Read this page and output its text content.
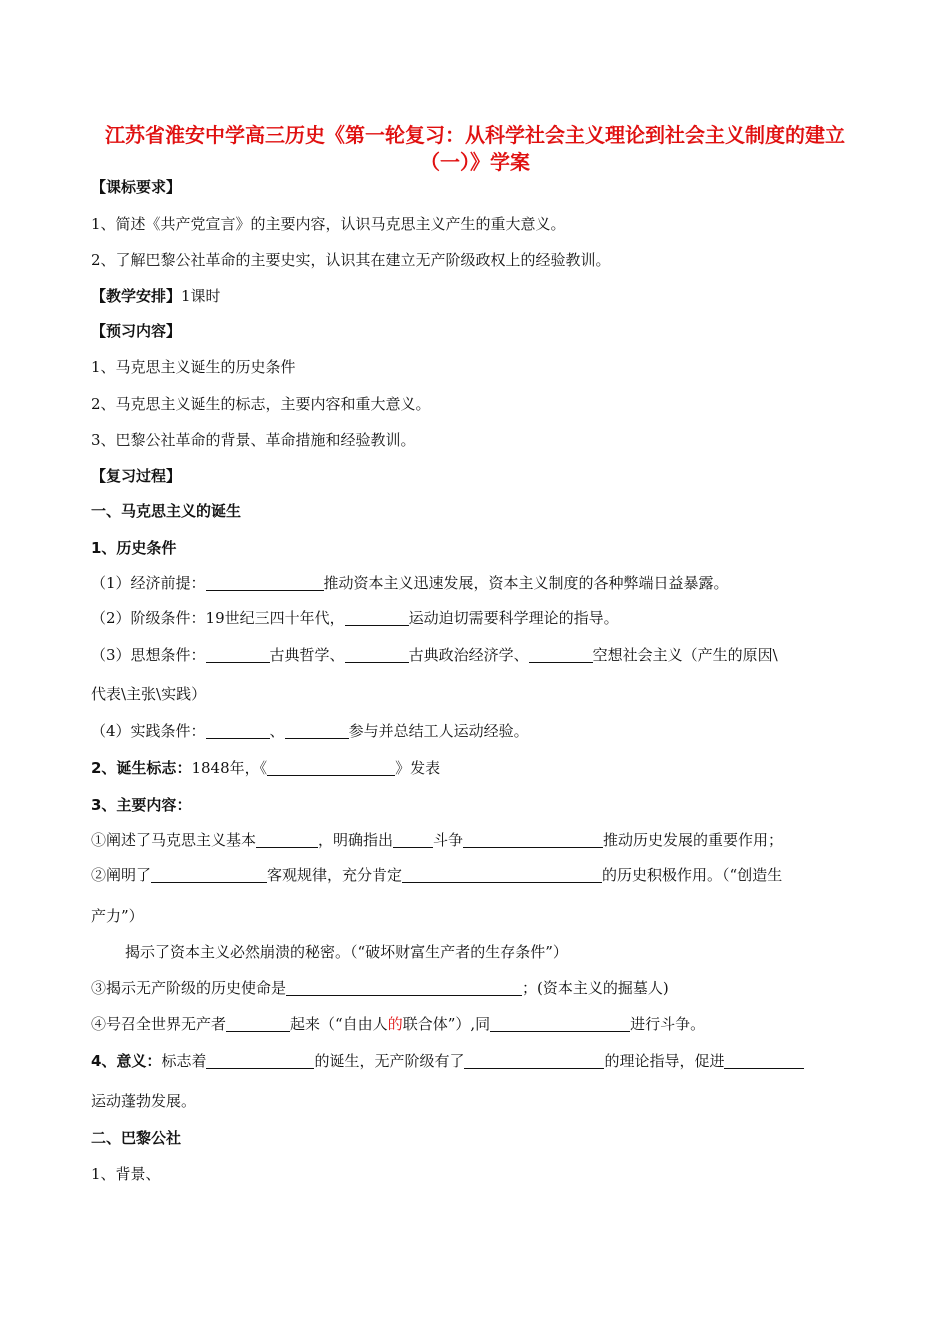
江苏省淮安中学高三历史《第一轮复习：从科学社会主义理论到社会主义制度的建立（一）》学案
【课标要求】
1、简述《共产党宣言》的主要内容，认识马克思主义产生的重大意义。
2、了解巴黎公社革命的主要史实，认识其在建立无产阶级政权上的经验教训。
【教学安排】1课时
【预习内容】
1、马克思主义诞生的历史条件
2、马克思主义诞生的标志，主要内容和重大意义。
3、巴黎公社革命的背景、革命措施和经验教训。
【复习过程】
一、马克思主义的诞生
1、历史条件
（1）经济前提：	推动资本主义迅速发展，资本主义制度的各种弊端日益暴露。
（2）阶级条件：19世纪三四十年代，	运动迫切需要科学理论的指导。
（3）思想条件：	古典哲学、	古典政治经济学、	空想社会主义（产生的原因\
代表\主张\实践）
（4）实践条件：	、	参与并总结工人运动经验。
2、诞生标志：1848年，《	》发表
3、主要内容：
①阐述了马克思主义基本	，明确指出	斗争	推动历史发展的重要作用；
②阐明了	客观规律，充分肯定	的历史积极作用。（“创造生
产力”）
揭示了资本主义必然崩溃的秘密。（“破坏财富生产者的生存条件”）
③揭示无产阶级的历史使命是	；(资本主义的掘墓人)
④号召全世界无产者	起来（“自由人的联合体”）,同	进行斗争。
4、意义：标志着	的诞生，无产阶级有了	的理论指导，促进
运动蓬勃发展。
二、巴黎公社
1、背景、
